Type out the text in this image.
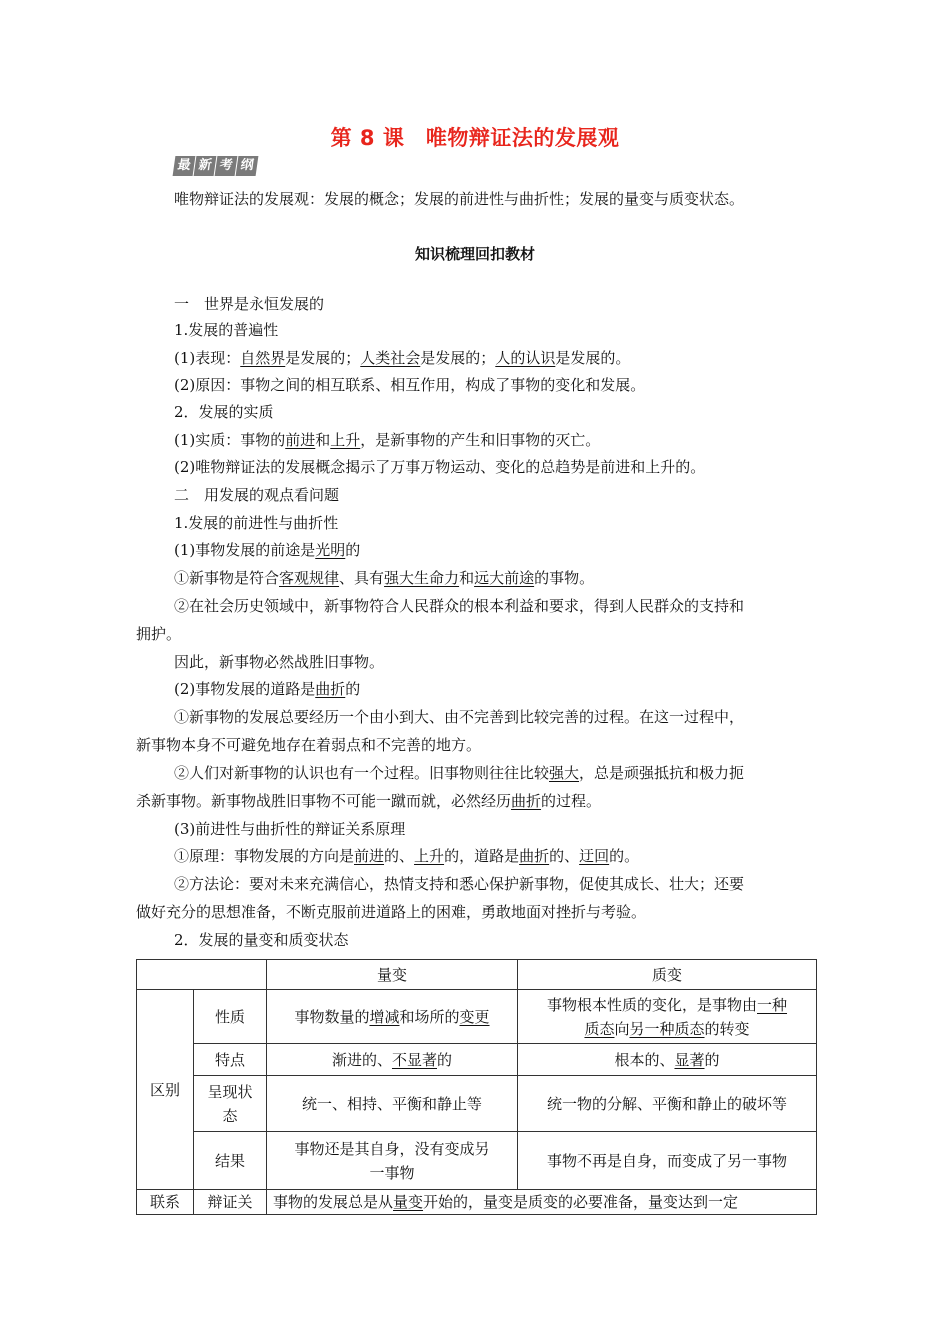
第 8 课　唯物辩证法的发展观
最 新 考 纲
唯物辩证法的发展观：发展的概念；发展的前进性与曲折性；发展的量变与质变状态。
知识梳理回扣教材
一　世界是永恒发展的
1.发展的普遍性
(1)表现：自然界是发展的；人类社会是发展的；人的认识是发展的。
(2)原因：事物之间的相互联系、相互作用，构成了事物的变化和发展。
2．发展的实质
(1)实质：事物的前进和上升，是新事物的产生和旧事物的灭亡。
(2)唯物辩证法的发展概念揭示了万事万物运动、变化的总趋势是前进和上升的。
二　用发展的观点看问题
1.发展的前进性与曲折性
(1)事物发展的前途是光明的
①新事物是符合客观规律、具有强大生命力和远大前途的事物。
②在社会历史领域中，新事物符合人民群众的根本利益和要求，得到人民群众的支持和
拥护。
因此，新事物必然战胜旧事物。
(2)事物发展的道路是曲折的
①新事物的发展总要经历一个由小到大、由不完善到比较完善的过程。在这一过程中，
新事物本身不可避免地存在着弱点和不完善的地方。
②人们对新事物的认识也有一个过程。旧事物则往往比较强大，总是顽强抵抗和极力扼
杀新事物。新事物战胜旧事物不可能一蹴而就，必然经历曲折的过程。
(3)前进性与曲折性的辩证关系原理
①原理：事物发展的方向是前进的、上升的，道路是曲折的、迂回的。
②方法论：要对未来充满信心，热情支持和悉心保护新事物，促使其成长、壮大；还要
做好充分的思想准备，不断克服前进道路上的困难，勇敢地面对挫折与考验。
2．发展的量变和质变状态
		量变	质变
区别	性质	事物数量的增减和场所的变更	事物根本性质的变化，是事物由一种
质态向另一种质态的转变
	特点	渐进的、不显著的	根本的、显著的
	呈现状
态	统一、相持、平衡和静止等	统一物的分解、平衡和静止的破坏等
	结果	事物还是其自身，没有变成另
一事物	事物不再是自身，而变成了另一事物
联系	辩证关	事物的发展总是从量变开始的，量变是质变的必要准备，量变达到一定	
